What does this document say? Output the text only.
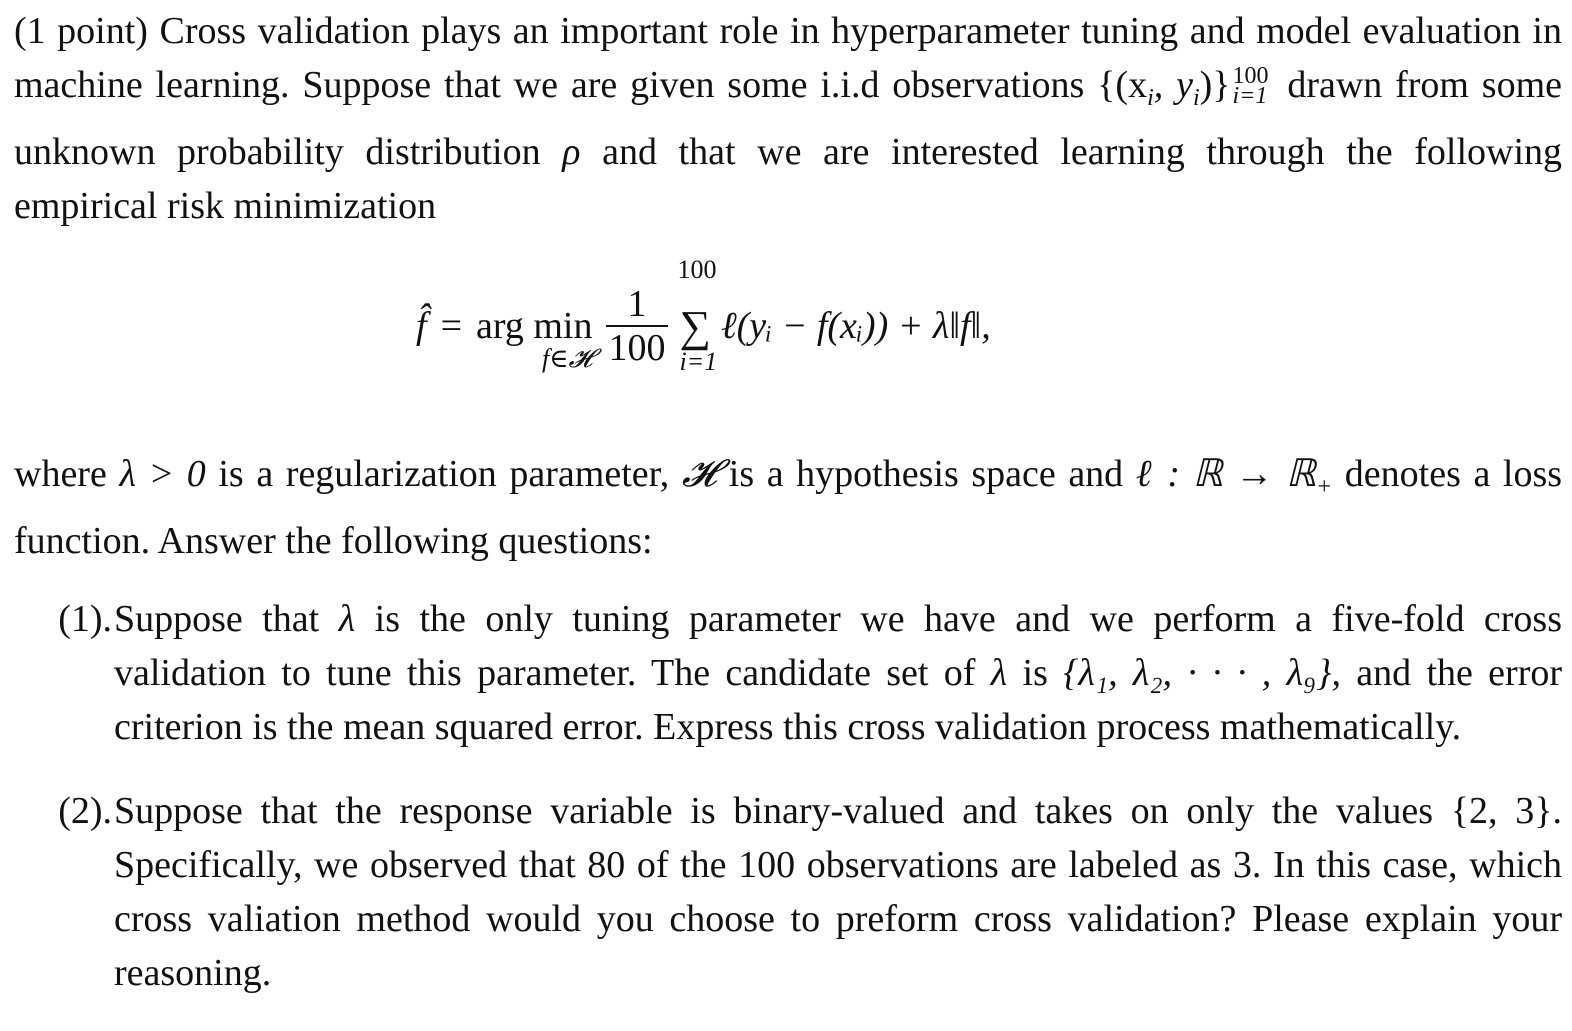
(1 point) Cross validation plays an important role in hyperparameter tuning and model evaluation in machine learning. Suppose that we are given some i.i.d observations {($x_i$, $y_i$)} 100
i=1 drawn from some unknown probability distribution ρ and that we are interested learning through the following empirical risk minimization

f̂ = arg min
f∈𝓗 $\frac{1}{100}$ ∑
100
i=1
ℓ(yᵢ − f(xᵢ)) + λ‖f‖,

where λ > 0 is a regularization parameter, 𝓗 is a hypothesis space and ℓ : ℝ → ℝ$_+$ denotes a loss function. Answer the following questions:

(1). Suppose that λ is the only tuning parameter we have and we perform a five-fold cross validation to tune this parameter. The candidate set of λ is {λ₁, λ₂, · · · , λ₉}, and the error criterion is the mean squared error. Express this cross validation process mathematically.
(2). Suppose that the response variable is binary-valued and takes on only the values {2, 3}. Specifically, we observed that 80 of the 100 observations are labeled as 3. In this case, which cross valiation method would you choose to preform cross validation? Please explain your reasoning.
